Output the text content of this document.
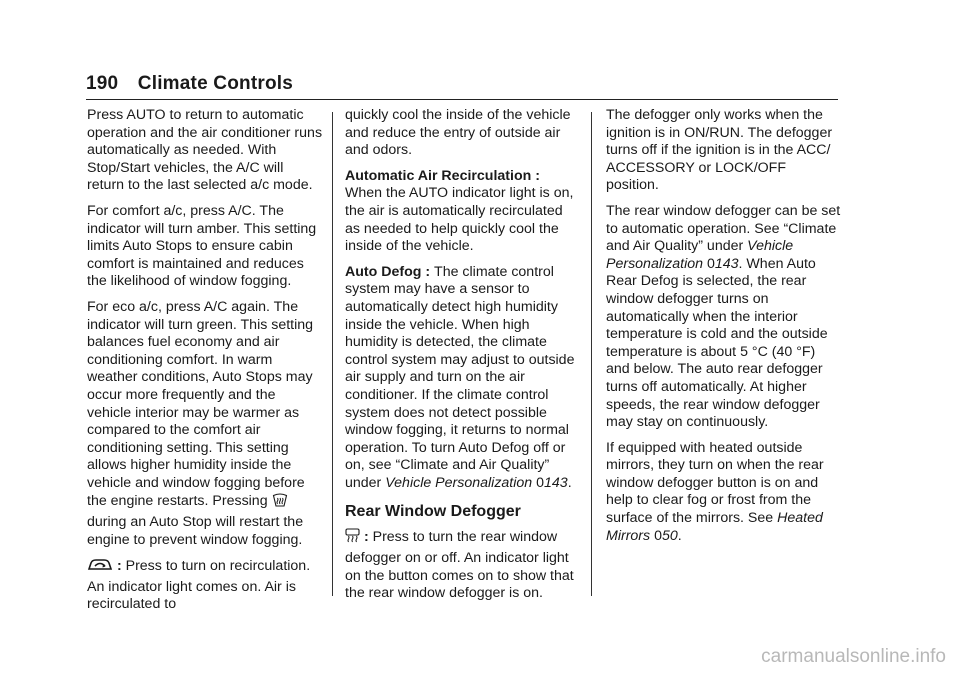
190 Climate Controls

Press AUTO to return to automatic operation and the air conditioner runs automatically as needed. With Stop/Start vehicles, the A/C will return to the last selected a/c mode.

For comfort a/c, press A/C. The indicator will turn amber. This setting limits Auto Stops to ensure cabin comfort is maintained and reduces the likelihood of window fogging.

For eco a/c, press A/C again. The indicator will turn green. This setting balances fuel economy and air conditioning comfort. In warm weather conditions, Auto Stops may occur more frequently and the vehicle interior may be warmer as compared to the comfort air conditioning setting. This setting allows higher humidity inside the vehicle and window fogging before the engine restarts. Pressing  during an Auto Stop will restart the engine to prevent window fogging.

: Press to turn on recirculation. An indicator light comes on. Air is recirculated to

quickly cool the inside of the vehicle and reduce the entry of outside air and odors.

Automatic Air Recirculation :
When the AUTO indicator light is on, the air is automatically recirculated as needed to help quickly cool the inside of the vehicle.

Auto Defog : The climate control system may have a sensor to automatically detect high humidity inside the vehicle. When high humidity is detected, the climate control system may adjust to outside air supply and turn on the air conditioner. If the climate control system does not detect possible window fogging, it returns to normal operation. To turn Auto Defog off or on, see “Climate and Air Quality” under Vehicle Personalization 0143.

Rear Window Defogger

: Press to turn the rear window defogger on or off. An indicator light on the button comes on to show that the rear window defogger is on.

The defogger only works when the ignition is in ON/RUN. The defogger turns off if the ignition is in the ACC/ ACCESSORY or LOCK/OFF position.

The rear window defogger can be set to automatic operation. See “Climate and Air Quality” under Vehicle Personalization 0143. When Auto Rear Defog is selected, the rear window defogger turns on automatically when the interior temperature is cold and the outside temperature is about 5 °C (40 °F) and below. The auto rear defogger turns off automatically. At higher speeds, the rear window defogger may stay on continuously.

If equipped with heated outside mirrors, they turn on when the rear window defogger button is on and help to clear fog or frost from the surface of the mirrors. See Heated Mirrors 050.

carmanualsonline.info
